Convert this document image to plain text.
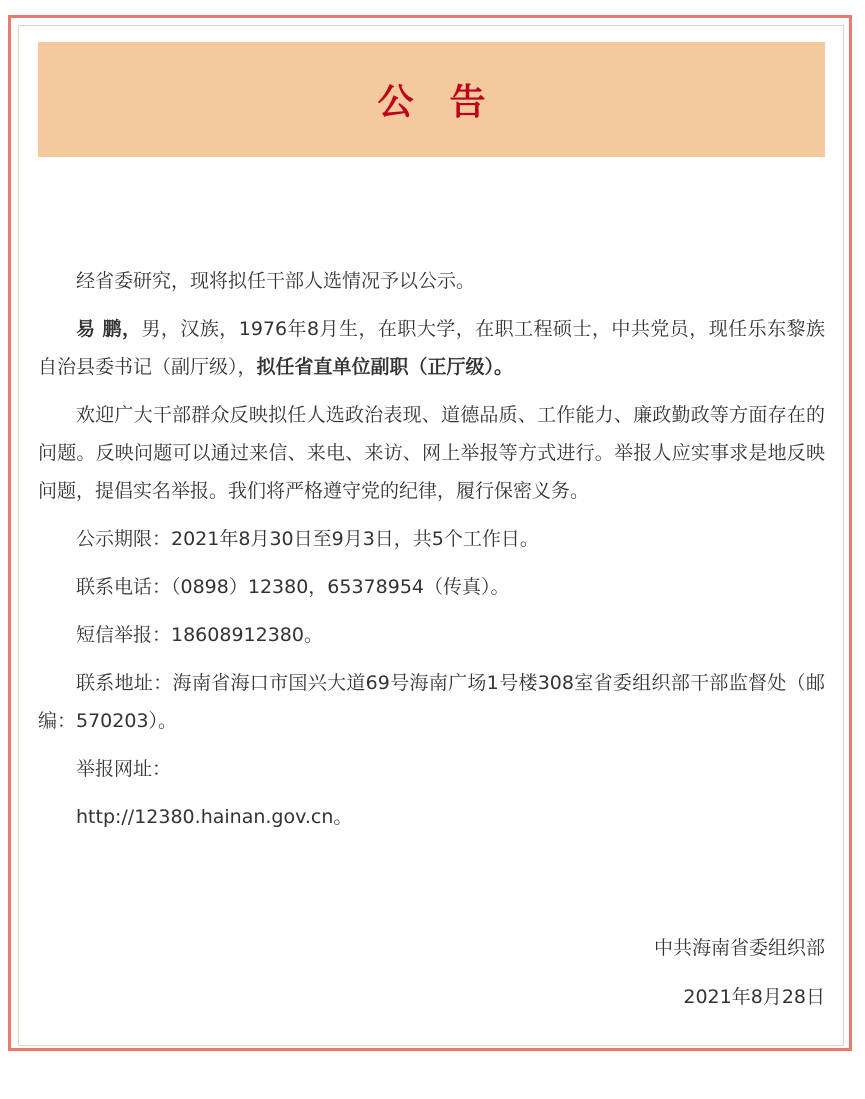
公告

经省委研究，现将拟任干部人选情况予以公示。

易 鹏，男，汉族，1976年8月生，在职大学，在职工程硕士，中共党员，现任乐东黎族自治县委书记（副厅级），拟任省直单位副职（正厅级）。

欢迎广大干部群众反映拟任人选政治表现、道德品质、工作能力、廉政勤政等方面存在的问题。反映问题可以通过来信、来电、来访、网上举报等方式进行。举报人应实事求是地反映问题，提倡实名举报。我们将严格遵守党的纪律，履行保密义务。

公示期限：2021年8月30日至9月3日，共5个工作日。

联系电话：（0898）12380，65378954（传真）。

短信举报：18608912380。

联系地址：海南省海口市国兴大道69号海南广场1号楼308室省委组织部干部监督处（邮编：570203）。

举报网址：

http://12380.hainan.gov.cn。

中共海南省委组织部
2021年8月28日
